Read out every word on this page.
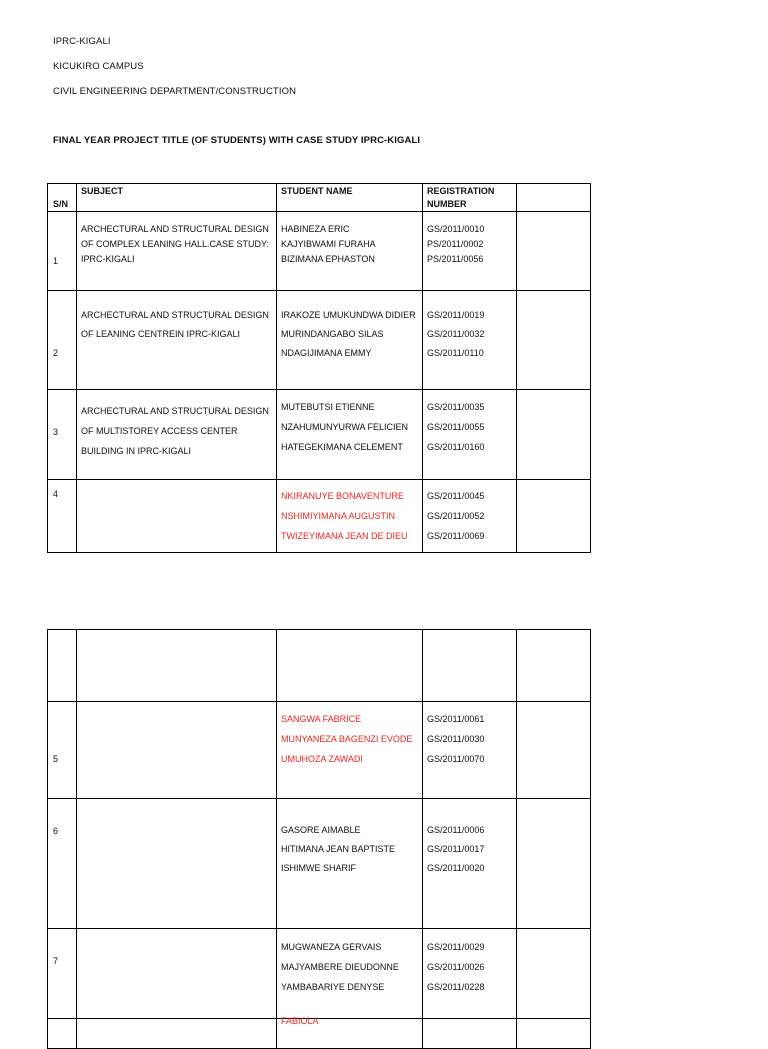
IPRC-KIGALI
KICUKIRO CAMPUS
CIVIL ENGINEERING DEPARTMENT/CONSTRUCTION
FINAL YEAR PROJECT TITLE (OF STUDENTS) WITH CASE STUDY IPRC-KIGALI
S/N	SUBJECT	STUDENT NAME	REGISTRATION
NUMBER	

1	ARCHECTURAL AND STRUCTURAL DESIGN
OF COMPLEX LEANING HALL.CASE STUDY:
IPRC-KIGALI	HABINEZA ERIC
KAJYIBWAMI FURAHA
BIZIMANA EPHASTON	GS/2011/0010
PS/2011/0002
PS/2011/0056	

2	ARCHECTURAL AND STRUCTURAL DESIGN
OF LEANING CENTREIN IPRC-KIGALI	IRAKOZE UMUKUNDWA DIDIER
MURINDANGABO SILAS
NDAGIJIMANA EMMY	GS/2011/0019
GS/2011/0032
GS/2011/0110	

3	ARCHECTURAL AND STRUCTURAL DESIGN
OF MULTISTOREY ACCESS CENTER
BUILDING IN IPRC-KIGALI	MUTEBUTSI ETIENNE
NZAHUMUNYURWA FELICIEN
HATEGEKIMANA CELEMENT	GS/2011/0035
GS/2011/0055
GS/2011/0160	

4		NKIRANUYE BONAVENTURE
NSHIMIYIMANA AUGUSTIN
TWIZEYIMANA JEAN DE DIEU	GS/2011/0045
GS/2011/0052
GS/2011/0069	

5		SANGWA FABRICE
MUNYANEZA BAGENZI EVODE
UMUHOZA ZAWADI	GS/2011/0061
GS/2011/0030
GS/2011/0070	

6		GASORE AIMABLE
HITIMANA JEAN BAPTISTE
ISHIMWE SHARIF	GS/2011/0006
GS/2011/0017
GS/2011/0020	

7		MUGWANEZA GERVAIS
MAJYAMBERE DIEUDONNE
YAMBABARIYE DENYSE	GS/2011/0029
GS/2011/0026
GS/2011/0228	

		FABIOLA		
